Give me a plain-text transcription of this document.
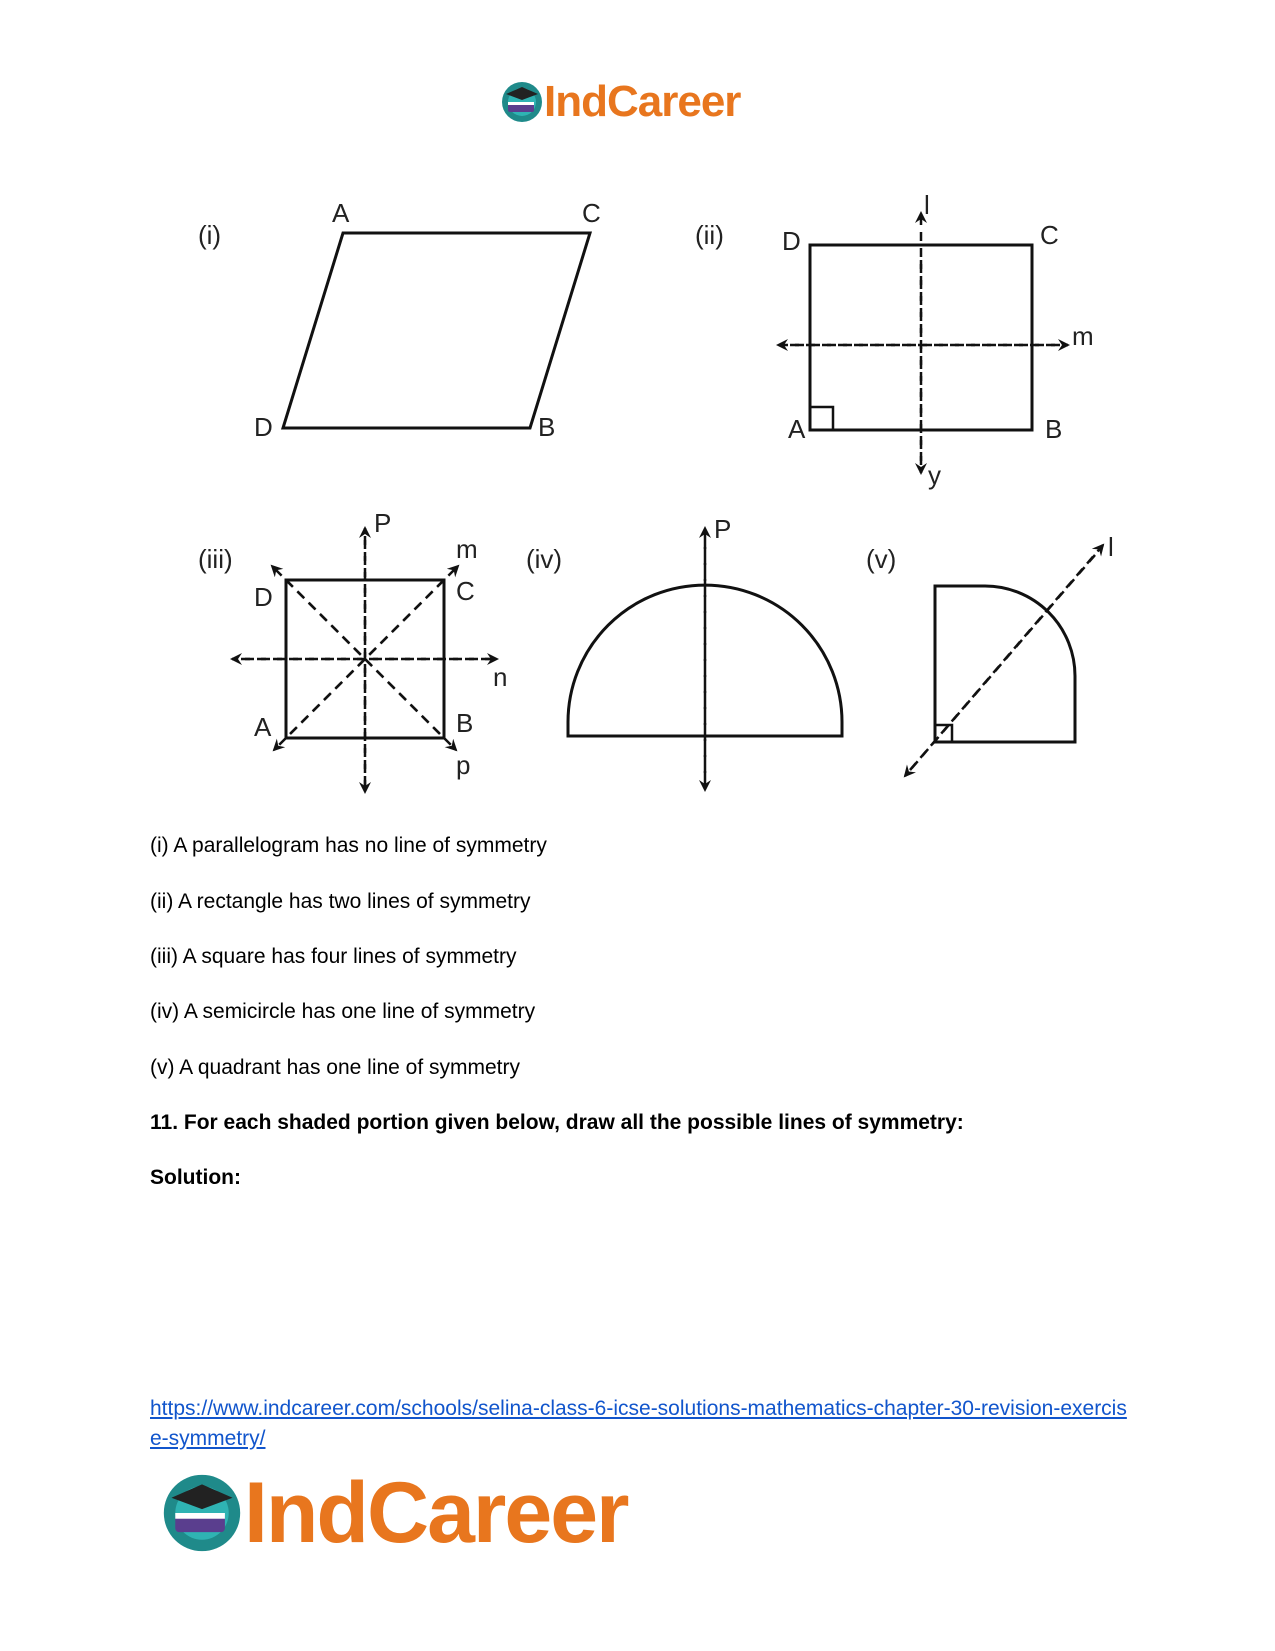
IndCareer
(i)
A	C
D	B
(ii) D	C
A	B
l
m
y
(iii)
D	C
A	B
P
m
n
p
(iv)
P
(v)	l
(i) A parallelogram has no line of symmetry
(ii) A rectangle has two lines of symmetry
(iii) A square has four lines of symmetry
(iv) A semicircle has one line of symmetry
(v) A quadrant has one line of symmetry
11. For each shaded portion given below, draw all the possible lines of symmetry:
Solution:
https://www.indcareer.com/schools/selina-class-6-icse-solutions-mathematics-chapter-30-revision-exercise-symmetry/
IndCareer
